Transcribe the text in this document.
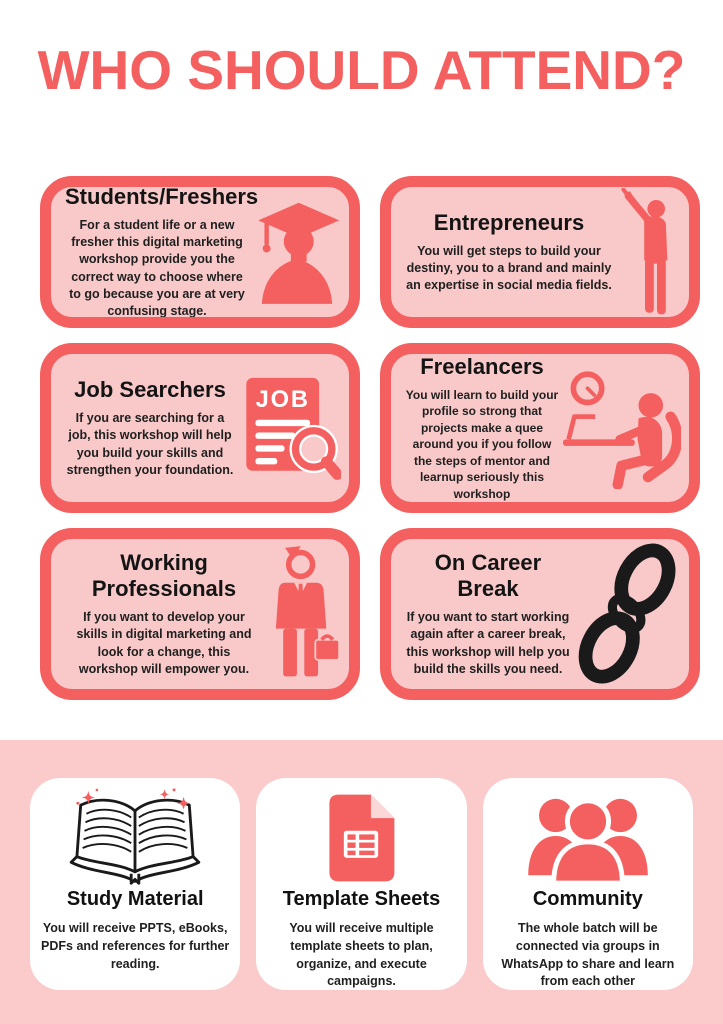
WHO SHOULD ATTEND?
Students/Freshers

For a student life or a new fresher this digital marketing workshop provide you the correct way to choose where to go because you are at very confusing stage.

Entrepreneurs

You will get steps to build your destiny, you to a brand and mainly an expertise in social media fields.

Job Searchers

If you are searching for a job, this workshop will help you build your skills and strengthen your foundation.

JOB
Freelancers

You will learn to build your profile so strong that projects make a quee around you if you follow the steps of mentor and learnup seriously this workshop

Working Professionals

If you want to develop your skills in digital marketing and look for a change, this workshop will empower you.

On Career Break

If you want to start working again after a career break, this workshop will help you build the skills you need.

Study Material

You will receive PPTS, eBooks, PDFs and references for further reading.

Template Sheets

You will receive multiple template sheets to plan, organize, and execute campaigns.

Community

The whole batch will be connected via groups in WhatsApp to share and learn from each other
